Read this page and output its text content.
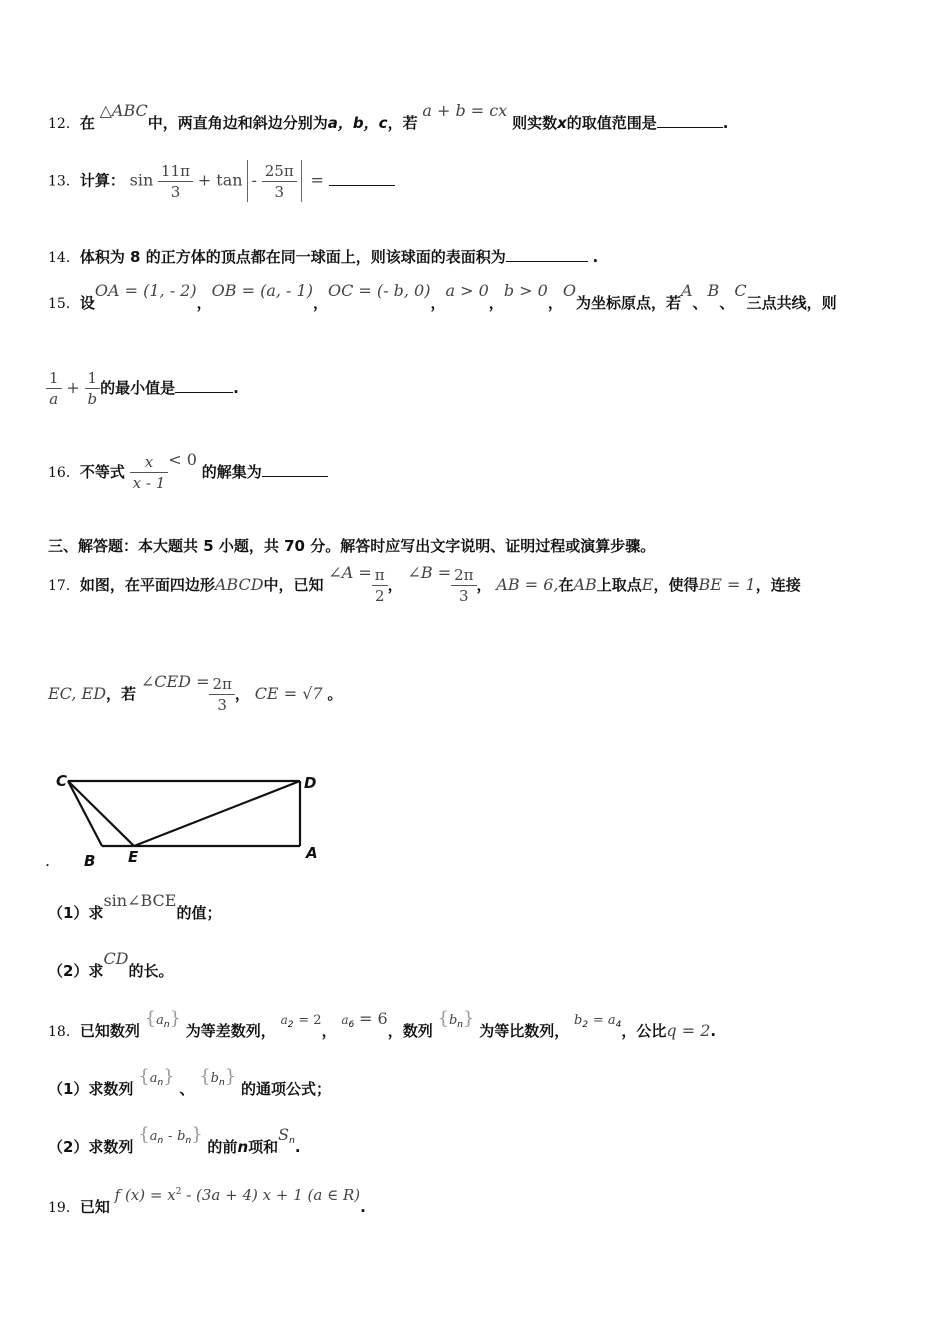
12．在 △ABC中，两直角边和斜边分别为a，b，c，若 a + b = cx 则实数x的取值范围是	.
13．计算： $\sin \frac{11\pi}{3} + \tan - \frac{25\pi}{3}$ =
14．体积为 8 的正方体的顶点都在同一球面上，则该球面的表面积为	.
15．设OA = (1, - 2)，OB = (a, - 1)，OC = (- b, 0)，a > 0，b > 0，O为坐标原点，若A、B、C三点共线，则
$\frac{1}{a} + \frac{1}{b}$ 的最小值是	.
16．不等式 $\frac{x}{x - 1} < 0$ 的解集为
三、解答题：本大题共 5 小题，共 70 分。解答时应写出文字说明、证明过程或演算步骤。
17．如图，在平面四边形ABCD中，已知 ∠A = $\frac{\pi}{2}$ ， ∠B = $\frac{2\pi}{3}$ ， AB = 6,在AB上取点E，使得BE = 1，连接
EC, ED，若 ∠CED = $\frac{2\pi}{3}$ ， CE = √7 。
C	D
B E	A
.
（1）求sin∠BCE的值；
（2）求CD的长。
18．已知数列 $\{a_n\}$ 为等差数列， $a_2 = 2$， $a_6 = 6$，数列 $\{b_n\}$ 为等比数列， $b_2 = a_4$，公比q = 2.
（1）求数列 $\{a_n\}$ 、 $\{b_n\}$ 的通项公式；
（2）求数列 $\{a_n - b_n\}$ 的前n项和$S_n$.
19．已知 f $(x) = x^2 - (3a + 4) x + 1$ (a ∈ R).
